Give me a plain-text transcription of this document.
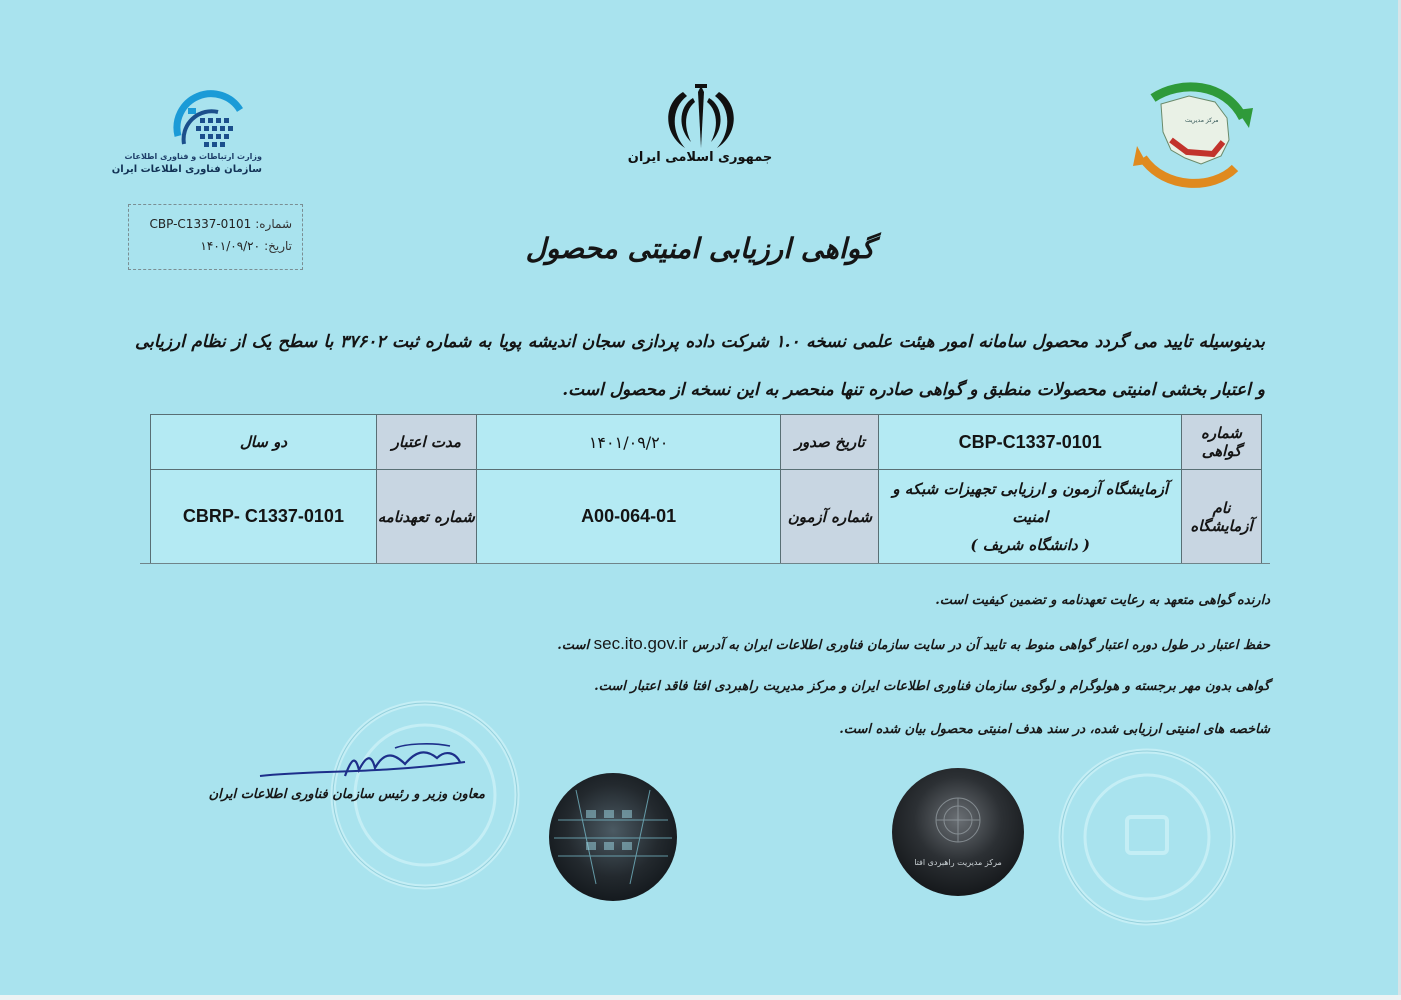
وزارت ارتباطات و فناوری اطلاعات
سازمان فناوری اطلاعات ایران
جمهوری اسلامی ایران
مرکز مدیریت
شماره:
CBP-C1337-0101
تاریخ:
۱۴۰۱/۰۹/۲۰	گواهی ارزیابی امنیتی محصول
بدینوسیله تایید می گردد محصول سامانه امور هیئت علمی نسخه ۱.۰ شرکت داده پردازی سجان اندیشه پویا به شماره ثبت ۳۷۶۰۲ با سطح یک از نظام ارزیابی و اعتبار بخشی امنیتی محصولات منطبق و گواهی صادره تنها منحصر به این نسخه از محصول است.
شماره گواهی	CBP-C1337-0101	تاریخ صدور	۱۴۰۱/۰۹/۲۰	مدت اعتبار	دو سال
نام آزمایشگاه	آزمایشگاه آزمون و ارزیابی تجهیزات شبکه و امنیت
( دانشگاه شریف )	شماره آزمون	A00-064-01	شماره تعهدنامه	CBRP- C1337-0101
دارنده گواهی متعهد به رعایت تعهدنامه و تضمین کیفیت است.
حفظ اعتبار در طول دوره اعتبار گواهی منوط به تایید آن در سایت سازمان فناوری اطلاعات ایران به آدرس sec.ito.gov.ir است.
گواهی بدون مهر برجسته و هولوگرام و لوگوی سازمان فناوری اطلاعات ایران و مرکز مدیریت راهبردی افتا فاقد اعتبار است.
شاخصه های امنیتی ارزیابی شده، در سند هدف امنیتی محصول بیان شده است.
معاون وزیر و رئیس سازمان فناوری اطلاعات ایران
مرکز مدیریت راهبردی افتا
